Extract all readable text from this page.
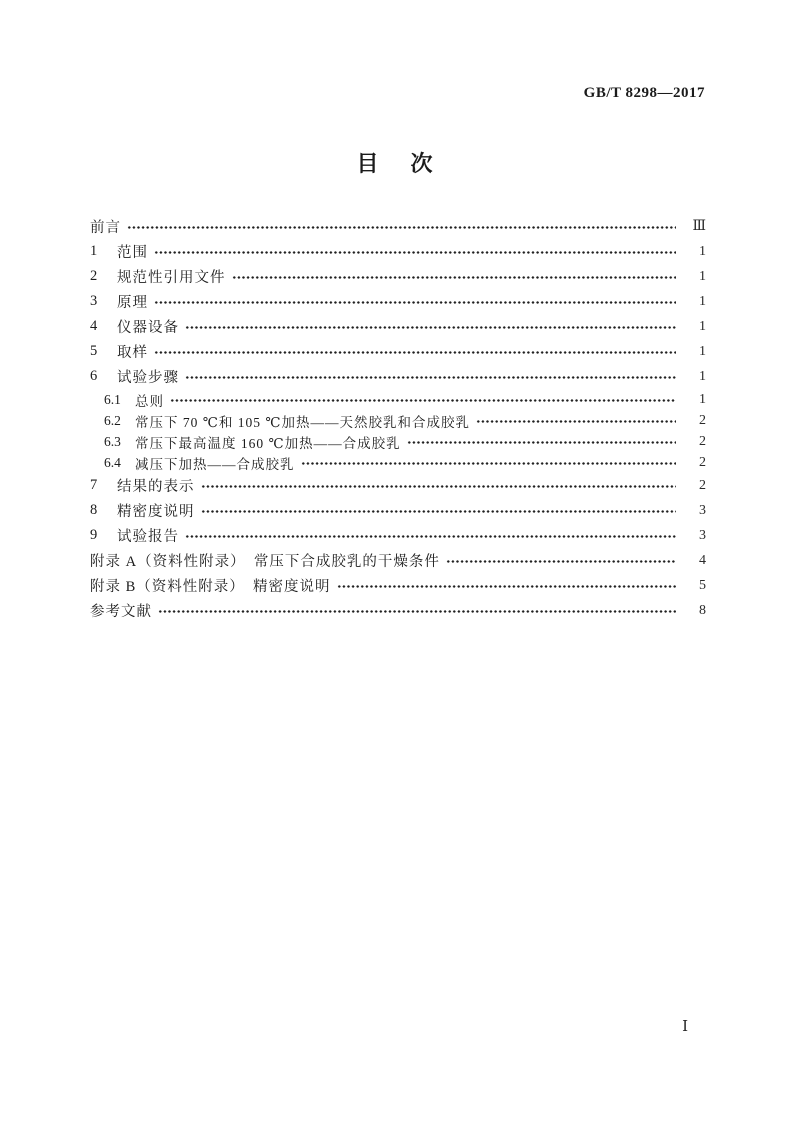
GB/T 8298—2017
目　次
前言	Ⅲ
1	范围	1
2	规范性引用文件	1
3	原理	1
4	仪器设备	1
5	取样	1
6	试验步骤	1
6.1	总则	1
6.2	常压下 70 ℃和 105 ℃加热——天然胶乳和合成胶乳	2
6.3	常压下最高温度 160 ℃加热——合成胶乳	2
6.4	减压下加热——合成胶乳	2
7	结果的表示	2
8	精密度说明	3
9	试验报告	3
附录 A（资料性附录）　常压下合成胶乳的干燥条件	4
附录 B（资料性附录）　精密度说明	5
参考文献	8
Ⅰ
